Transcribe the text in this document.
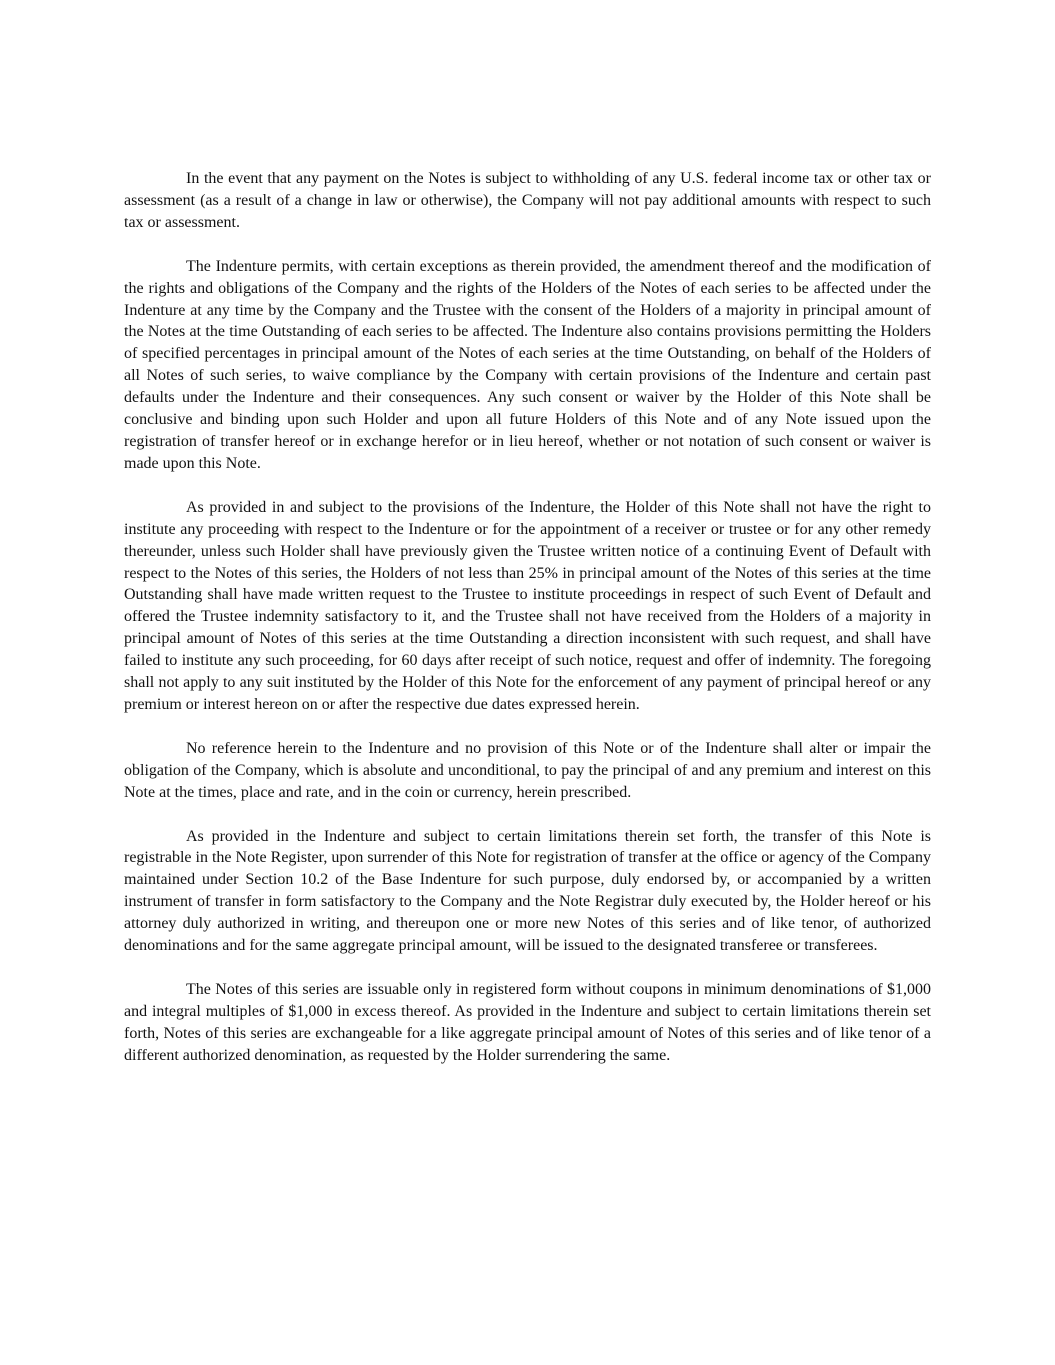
In the event that any payment on the Notes is subject to withholding of any U.S. federal income tax or other tax or assessment (as a result of a change in law or otherwise), the Company will not pay additional amounts with respect to such tax or assessment.

The Indenture permits, with certain exceptions as therein provided, the amendment thereof and the modification of the rights and obligations of the Company and the rights of the Holders of the Notes of each series to be affected under the Indenture at any time by the Company and the Trustee with the consent of the Holders of a majority in principal amount of the Notes at the time Outstanding of each series to be affected. The Indenture also contains provisions permitting the Holders of specified percentages in principal amount of the Notes of each series at the time Outstanding, on behalf of the Holders of all Notes of such series, to waive compliance by the Company with certain provisions of the Indenture and certain past defaults under the Indenture and their consequences. Any such consent or waiver by the Holder of this Note shall be conclusive and binding upon such Holder and upon all future Holders of this Note and of any Note issued upon the registration of transfer hereof or in exchange herefor or in lieu hereof, whether or not notation of such consent or waiver is made upon this Note.

As provided in and subject to the provisions of the Indenture, the Holder of this Note shall not have the right to institute any proceeding with respect to the Indenture or for the appointment of a receiver or trustee or for any other remedy thereunder, unless such Holder shall have previously given the Trustee written notice of a continuing Event of Default with respect to the Notes of this series, the Holders of not less than 25% in principal amount of the Notes of this series at the time Outstanding shall have made written request to the Trustee to institute proceedings in respect of such Event of Default and offered the Trustee indemnity satisfactory to it, and the Trustee shall not have received from the Holders of a majority in principal amount of Notes of this series at the time Outstanding a direction inconsistent with such request, and shall have failed to institute any such proceeding, for 60 days after receipt of such notice, request and offer of indemnity. The foregoing shall not apply to any suit instituted by the Holder of this Note for the enforcement of any payment of principal hereof or any premium or interest hereon on or after the respective due dates expressed herein.

No reference herein to the Indenture and no provision of this Note or of the Indenture shall alter or impair the obligation of the Company, which is absolute and unconditional, to pay the principal of and any premium and interest on this Note at the times, place and rate, and in the coin or currency, herein prescribed.

As provided in the Indenture and subject to certain limitations therein set forth, the transfer of this Note is registrable in the Note Register, upon surrender of this Note for registration of transfer at the office or agency of the Company maintained under Section 10.2 of the Base Indenture for such purpose, duly endorsed by, or accompanied by a written instrument of transfer in form satisfactory to the Company and the Note Registrar duly executed by, the Holder hereof or his attorney duly authorized in writing, and thereupon one or more new Notes of this series and of like tenor, of authorized denominations and for the same aggregate principal amount, will be issued to the designated transferee or transferees.

The Notes of this series are issuable only in registered form without coupons in minimum denominations of $1,000 and integral multiples of $1,000 in excess thereof. As provided in the Indenture and subject to certain limitations therein set forth, Notes of this series are exchangeable for a like aggregate principal amount of Notes of this series and of like tenor of a different authorized denomination, as requested by the Holder surrendering the same.
